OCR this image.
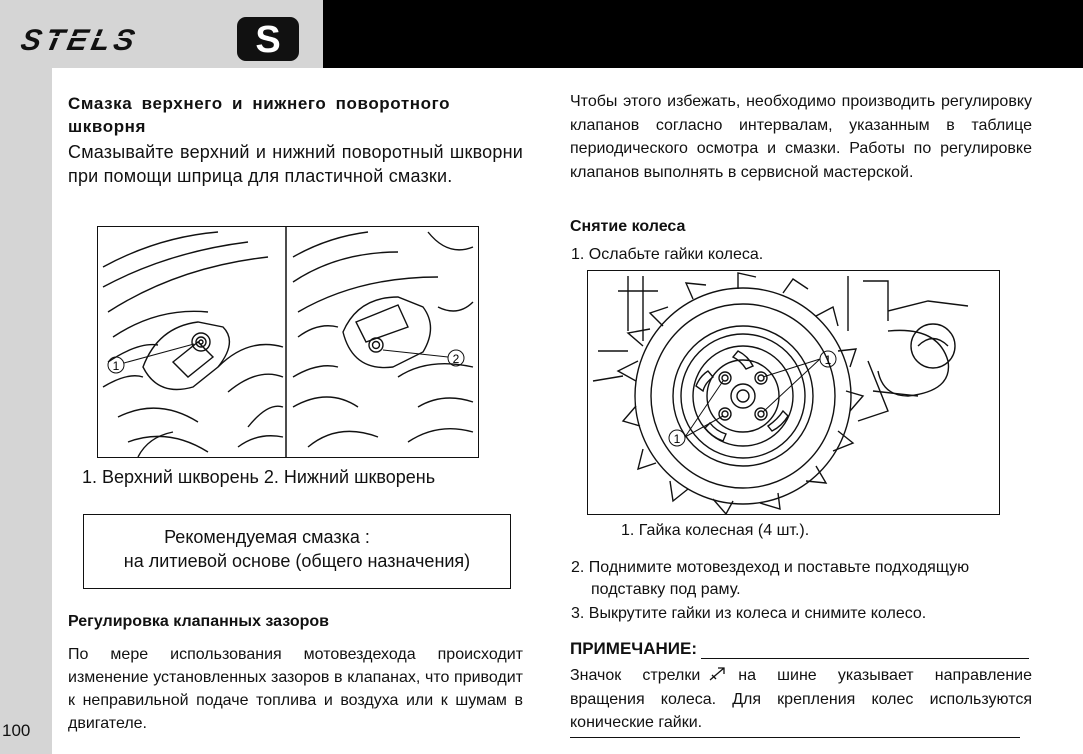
STELS	S
100
Смазка верхнего и нижнего поворотного шкворня
Смазывайте верхний и нижний поворотный шкворни при помощи шприца для пластичной смазки.
1	2
1. Верхний шкворень 2. Нижний шкворень
Рекомендуемая смазка :
на литиевой основе (общего назначения)
Регулировка клапанных зазоров
По мере использования мотовездехода происходит изменение установленных зазоров в клапанах, что приводит к неправильной подаче топлива и воздуха или к шумам в двигателе.

Чтобы этого избежать, необходимо производить регулировку клапанов согласно интервалам, указанным в таблице периодического осмотра и смазки. Работы по регулировке клапанов выполнять в сервисной мастерской.

Снятие колеса
1. Ослабьте гайки колеса.
1
1
1. Гайка колесная (4 шт.).
2. Поднимите мотовездеход и поставьте подходящую
подставку под раму.
3. Выкрутите гайки из колеса и снимите колесо.
ПРИМЕЧАНИЕ:
Значок стрелки на шине указывает направление вращения колеса. Для крепления колес используются конические гайки.
